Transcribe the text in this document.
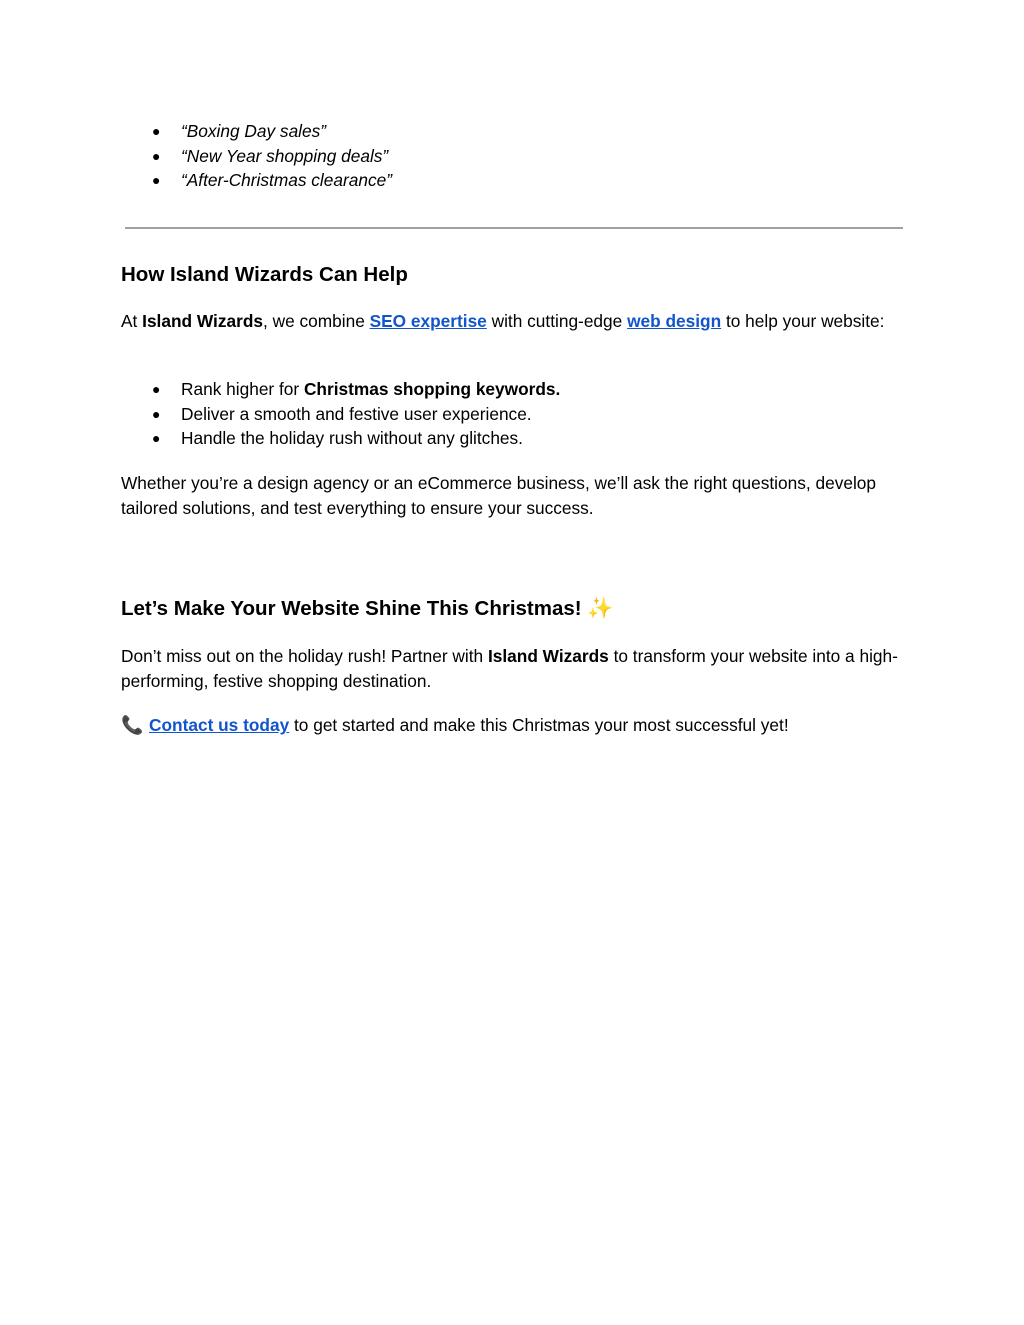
● “Boxing Day sales”
● “New Year shopping deals”
● “After-Christmas clearance”
How Island Wizards Can Help

At Island Wizards, we combine SEO expertise with cutting-edge web design to help your website:

● Rank higher for Christmas shopping keywords.
● Deliver a smooth and festive user experience.
● Handle the holiday rush without any glitches.

Whether you’re a design agency or an eCommerce business, we’ll ask the right questions, develop tailored solutions, and test everything to ensure your success.

Let’s Make Your Website Shine This Christmas! ✨

Don’t miss out on the holiday rush! Partner with Island Wizards to transform your website into a high-performing, festive shopping destination.

📞 Contact us today to get started and make this Christmas your most successful yet!
